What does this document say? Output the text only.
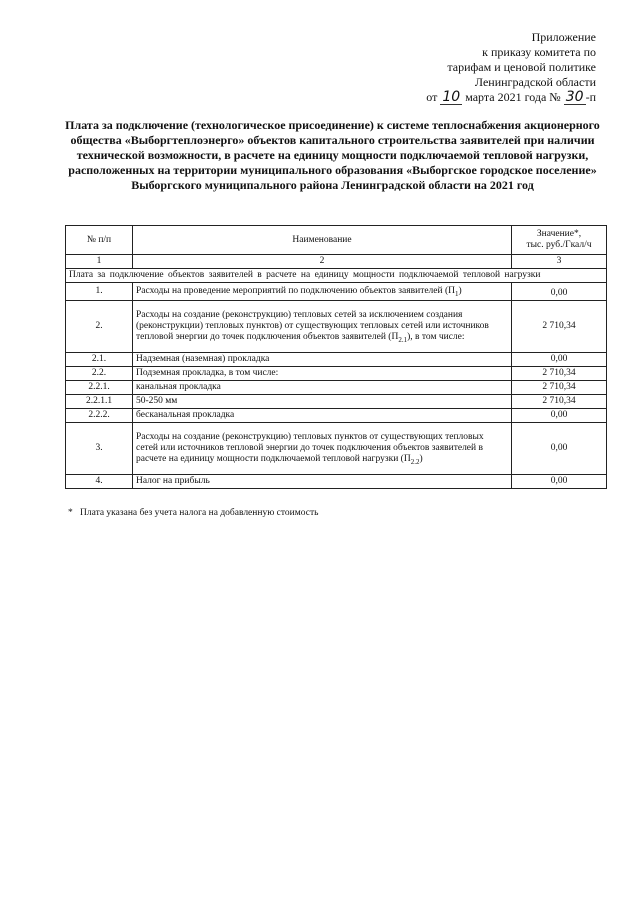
Приложение
к приказу комитета по
тарифам и ценовой политике
Ленинградской области
от 10 марта 2021 года № 30 -п
Плата за подключение (технологическое присоединение) к системе теплоснабжения акционерного общества «Выборгтеплоэнерго» объектов капитального строительства заявителей при наличии технической возможности, в расчете на единицу мощности подключаемой тепловой нагрузки, расположенных на территории муниципального образования «Выборгское городское поселение» Выборгского муниципального района Ленинградской области на 2021 год
№ п/п	Наименование	Значение*,
тыс. руб./Гкал/ч
1	2	3
Плата за подключение объектов заявителей в расчете на единицу мощности подключаемой тепловой нагрузки		
1.	Расходы на проведение мероприятий по подключению объектов заявителей $(П_1)$	0,00
2.	Расходы на создание (реконструкцию) тепловых сетей за исключением создания (реконструкции) тепловых пунктов) от существующих тепловых сетей или источников тепловой энергии до точек подключения объектов заявителей $(П_{2.1})$, в том числе:	2 710,34
2.1.	Надземная (наземная) прокладка	0,00
2.2.	Подземная прокладка, в том числе:	2 710,34
2.2.1.	канальная прокладка	2 710,34
2.2.1.1	50-250 мм	2 710,34
2.2.2.	бесканальная прокладка	0,00
3.	Расходы на создание (реконструкцию) тепловых пунктов от существующих тепловых сетей или источников тепловой энергии до точек подключения объектов заявителей в расчете на единицу мощности подключаемой тепловой нагрузки $(П_{2.2})$	0,00
4.	Налог на прибыль	0,00
* Плата указана без учета налога на добавленную стоимость
